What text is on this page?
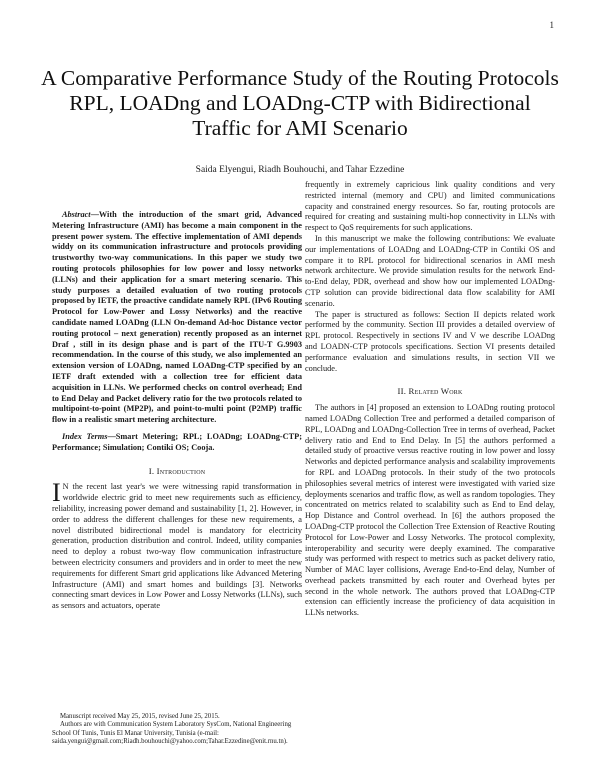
1
A Comparative Performance Study of the Routing Protocols RPL, LOADng and LOADng-CTP with Bidirectional Traffic for AMI Scenario
Saida Elyengui, Riadh Bouhouchi, and Tahar Ezzedine

Abstract—With the introduction of the smart grid, Advanced Metering Infrastructure (AMI) has become a main component in the present power system. The effective implementation of AMI depends widdy on its communication infrastructure and protocols providing trustworthy two-way communications. In this paper we study two routing protocols philosophies for low power and lossy networks (LLNs) and their application for a smart metering scenario. This study purposes a detailed evaluation of two routing protocols proposed by IETF, the proactive candidate namely RPL (IPv6 Routing Protocol for Low-Power and Lossy Networks) and the reactive candidate named LOADng (LLN On-demand Ad-hoc Distance vector routing protocol – next generation) recently proposed as an internet Draf , still in its design phase and is part of the ITU-T G.9903 recommendation. In the course of this study, we also implemented an extension version of LOADng, named LOADng-CTP specified by an IETF draft extended with a collection tree for efficient data acquisition in LLNs. We performed checks on control overhead; End to End Delay and Packet delivery ratio for the two protocols related to multipoint-to-point (MP2P), and point-to-multi point (P2MP) traffic flow in a realistic smart metering architecture.

Index Terms—Smart Metering; RPL; LOADng; LOADng-CTP; Performance; Simulation; Contiki OS; Cooja.

I. Introduction

I N the recent last year's we were witnessing rapid transformation in worldwide electric grid to meet new requirements such as efficiency, reliability, increasing power demand and sustainability [1, 2]. However, in order to address the different challenges for these new requirements, a novel distributed bidirectional model is mandatory for electricity generation, production distribution and control. Indeed, utility companies need to deploy a robust two-way flow communication infrastructure between electricity consumers and providers and in order to meet the new requirements for different Smart grid applications like Advanced Metering Infrastructure (AMI) and smart homes and buildings [3]. Networks connecting smart devices in Low Power and Lossy Networks (LLNs), such as sensors and actuators, operate

frequently in extremely capricious link quality conditions and very restricted internal (memory and CPU) and limited communications capacity and constrained energy resources. So far, routing protocols are required for creating and sustaining multi-hop connectivity in LLNs with respect to QoS requirements for such applications.

In this manuscript we make the following contributions: We evaluate our implementations of LOADng and LOADng-CTP in Contiki OS and compare it to RPL protocol for bidirectional scenarios in AMI mesh network architecture. We provide simulation results for the network End-to-End delay, PDR, overhead and show how our implemented LOADng-CTP solution can provide bidirectional data flow scalability for AMI scenario.

The paper is structured as follows: Section II depicts related work performed by the community. Section III provides a detailed overview of RPL protocol. Respectively in sections IV and V we describe LOADng and LOADN-CTP protocols specifications. Section VI presents detailed performance evaluation and simulations results, in section VII we conclude.

II. Related Work

The authors in [4] proposed an extension to LOADng routing protocol named LOADng Collection Tree and performed a detailed comparison of RPL, LOADng and LOADng-Collection Tree in terms of overhead, Packet delivery ratio and End to End Delay. In [5] the authors performed a detailed study of proactive versus reactive routing in low power and lossy Networks and depicted performance analysis and scalability improvements for RPL and LOADng protocols. In their study of the two protocols philosophies several metrics of interest were investigated with varied size deployments scenarios and traffic flow, as well as random topologies. They concentrated on metrics related to scalability such as End to End delay, Hop Distance and Control overhead. In [6] the authors proposed the LOADng-CTP protocol the Collection Tree Extension of Reactive Routing Protocol for Low-Power and Lossy Networks. The protocol complexity, interoperability and security were deeply examined. The comparative study was performed with respect to metrics such as packet delivery ratio, Number of MAC layer collisions, Average End-to-End delay, Number of overhead packets transmitted by each router and Overhead bytes per second in the whole network. The authors proved that LOADng-CTP extension can efficiently increase the proficiency of data acquisition in LLNs networks.

Manuscript received May 25, 2015, revised June 25, 2015.

Authors are with Communication System Laboratory SysCom, National Engineering School Of Tunis, Tunis El Manar University, Tunisia (e-mail: saida.yengui@gmail.com;Riadh.bouhouchi@yahoo.com;Tahar.Ezzedine@enit.rnu.tn).
